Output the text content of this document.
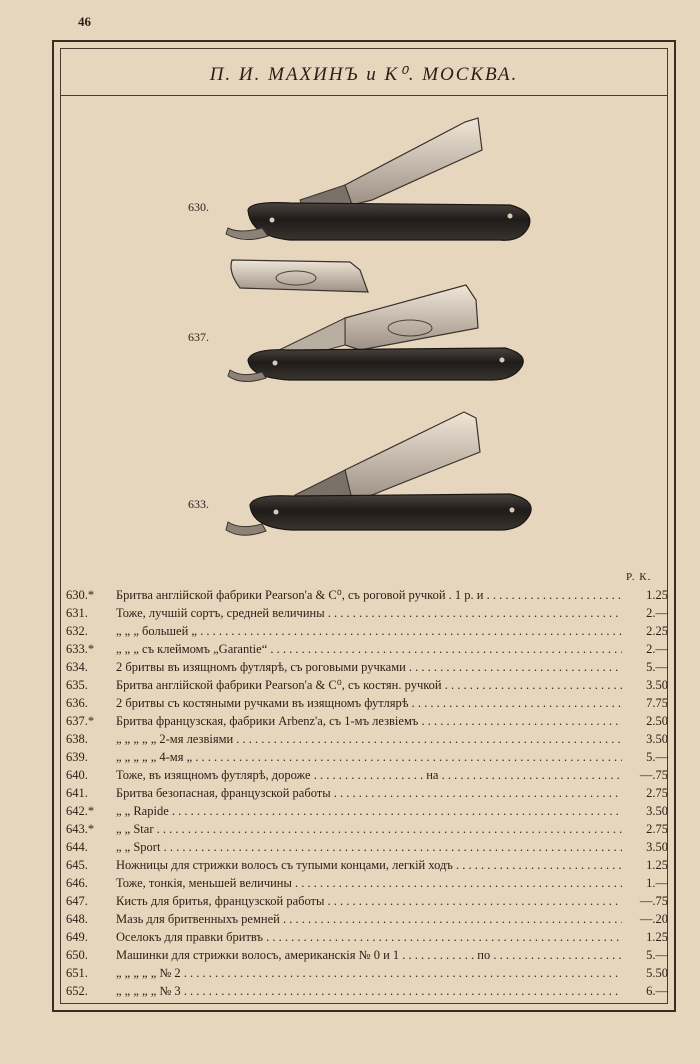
46
П. И. МАХИНЪ и К⁰. МОСКВА.
630.
637.
633.
Р. К.
630.*	Бритва англійской фабрики Pearson'a & C⁰, съ роговой ручкой . 1 р. и . . .	1.25
631.	Тоже, лучшій сортъ, средней величины . . .	2.—
632.	„ „ „ большей „ . . .	2.25
633.*	„ „ „ съ клеймомъ „Garantie“ . . .	2.—
634.	2 бритвы въ изящномъ футлярѣ, съ роговыми ручками . . .	5.—
635.	Бритва англійской фабрики Pearson'a & C⁰, съ костян. ручкой . . .	3.50
636.	2 бритвы съ костяными ручками въ изящномъ футлярѣ . . .	7.75
637.*	Бритва французская, фабрики Arbenz'a, съ 1-мъ лезвіемъ . . .	2.50
638.	„ „ „ „ „ 2-мя лезвіями . . .	3.50
639.	„ „ „ „ „ 4-мя „ . . .	5.—
640.	Тоже, въ изящномъ футлярѣ, дороже . . . . . . . . . . . . . . . . . . на . . .	—.75
641.	Бритва безопасная, французской работы . . .	2.75
642.*	„ „ Rapide . . .	3.50
643.*	„ „ Star . . .	2.75
644.	„ „ Sport . . .	3.50
645.	Ножницы для стрижки волосъ съ тупыми концами, легкій ходъ . . .	1.25
646.	Тоже, тонкія, меньшей величины . . .	1.—
647.	Кисть для бритья, французской работы . . .	—.75
648.	Мазь для бритвенныхъ ремней . . .	—.20
649.	Оселокъ для правки бритвъ . . .	1.25
650.	Машинки для стрижки волосъ, американскія № 0 и 1 . . . . . . . . . . . . по . . .	5.—
651.	„ „ „ „ „ № 2 . . .	5.50
652.	„ „ „ „ „ № 3 . . .	6.—
